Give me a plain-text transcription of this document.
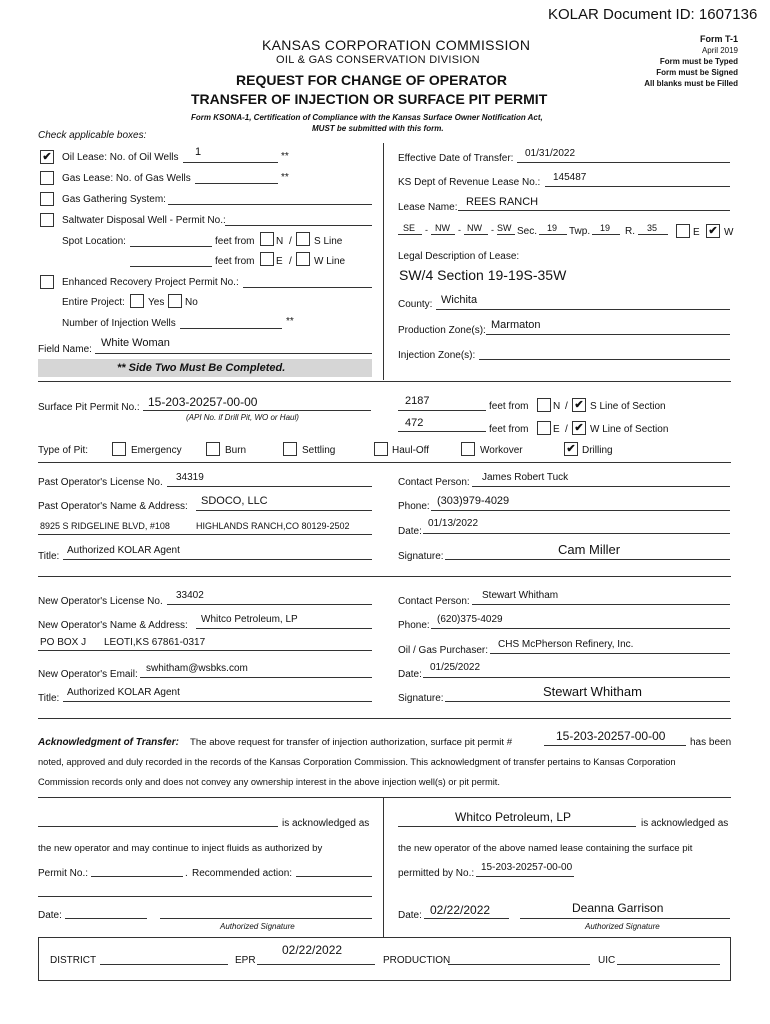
KOLAR Document ID: 1607136
KANSAS CORPORATION COMMISSION
OIL & GAS CONSERVATION DIVISION
REQUEST FOR CHANGE OF OPERATOR
TRANSFER OF INJECTION OR SURFACE PIT PERMIT
Form T-1
April 2019
Form must be Typed
Form must be Signed
All blanks must be Filled
Form KSONA-1, Certification of Compliance with the Kansas Surface Owner Notification Act,
MUST be submitted with this form.
Check applicable boxes:
✔ Oil Lease: No. of Oil Wells 1	**
Gas Lease: No. of Gas Wells	**
Gas Gathering System:
Saltwater Disposal Well - Permit No.:
Spot Location:	feet from N / S Line
feet from E / W Line
Enhanced Recovery Project Permit No.:
Entire Project: Yes No
Number of Injection Wells	**
Field Name:
White Woman
** Side Two Must Be Completed.
Effective Date of Transfer: 01/31/2022
KS Dept of Revenue Lease No.: 145487
Lease Name: REES RANCH
SE - NW - NW - SW Sec. 19 Twp. 19 R. 35	E ✔ W
Legal Description of Lease:
SW/4 Section 19-19S-35W
County: Wichita
Production Zone(s): Marmaton
Injection Zone(s):
Surface Pit Permit No.: 15-203-20257-00-00
(API No. if Drill Pit, WO or Haul)
2187	feet from N / ✔ S Line of Section
472
feet from E / ✔ W Line of Section
Type of Pit:	Emergency	Burn	Settling	Haul-Off	Workover	✔ Drilling
Past Operator's License No. 34319
Past Operator's Name & Address: SDOCO, LLC
8925 S RIDGELINE BLVD, #108	HIGHLANDS RANCH,CO 80129-2502
Title:
Authorized KOLAR Agent
Contact Person: James Robert Tuck
Phone: (303)979-4029
Date:
01/13/2022
Signature:	Cam Miller
New Operator's License No.
33402
New Operator's Name & Address:
Whitco Petroleum, LP
PO BOX J LEOTI,KS 67861-0317
New Operator's Email:
swhitham@wsbks.com
Title:
Authorized KOLAR Agent
Contact Person:
Stewart Whitham
Phone:
(620)375-4029
Oil / Gas Purchaser:
CHS McPherson Refinery, Inc.
Date:
01/25/2022
Signature:	Stewart Whitham
Acknowledgment of Transfer: The above request for transfer of injection authorization, surface pit permit #	15-203-20257-00-00 has been
noted, approved and duly recorded in the records of the Kansas Corporation Commission. This acknowledgment of transfer pertains to Kansas Corporation
Commission records only and does not convey any ownership interest in the above injection well(s) or pit permit.
is acknowledged as
the new operator and may continue to inject fluids as authorized by
Permit No.:	. Recommended action:
Date:
Authorized Signature
Whitco Petroleum, LP	is acknowledged as
the new operator of the above named lease containing the surface pit
permitted by No.:
15-203-20257-00-00
Date: 02/22/2022	Deanna Garrison
Authorized Signature
DISTRICT	EPR
02/22/2022
PRODUCTION	UIC
